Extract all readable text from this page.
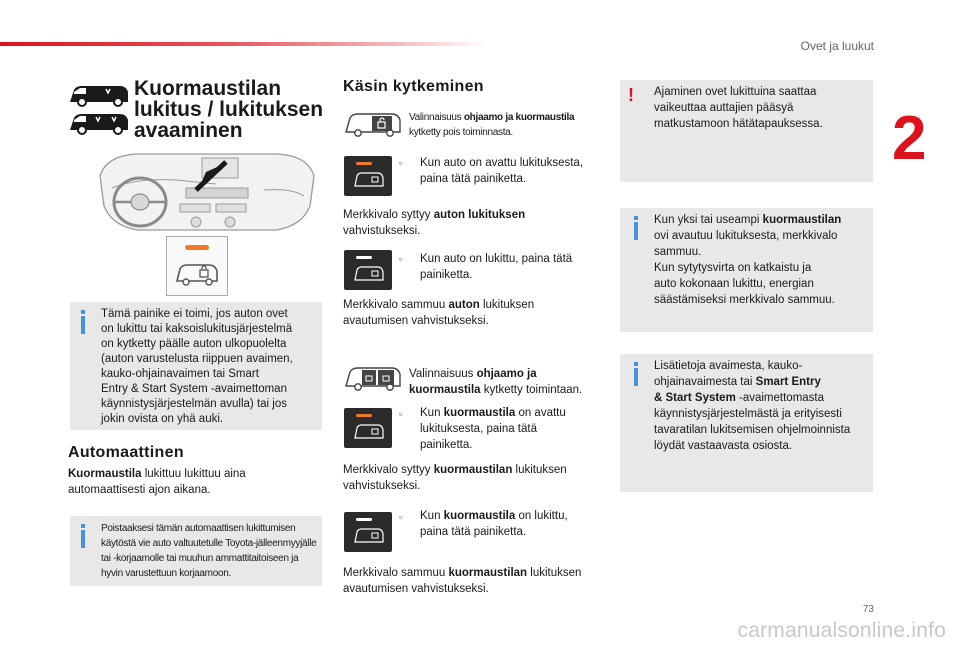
Ovet ja luukut
2
Kuormaustilan
lukitus / lukituksen
avaaminen
Tämä painike ei toimi, jos auton ovet
on lukittu tai kaksoislukitusjärjestelmä
on kytketty päälle auton ulkopuolelta
(auton varustelusta riippuen avaimen,
kauko-ohjainavaimen tai Smart
Entry & Start System -avaimettoman
käynnistysjärjestelmän avulla) tai jos
jokin ovista on yhä auki.
Automaattinen
Kuormaustila lukittuu lukittuu aina
automaattisesti ajon aikana.
Poistaaksesi tämän automaattisen lukittumisen
käytöstä vie auto valtuutetulle Toyota-jälleenmyyjälle
tai -korjaamolle tai muuhun ammattitaitoiseen ja
hyvin varustettuun korjaamoon.
Käsin kytkeminen
Valinnaisuus ohjaamo ja kuormaustila
kytketty pois toiminnasta.
▫ Kun auto on avattu lukituksesta,
paina tätä painiketta.
Merkkivalo syttyy auton lukituksen
vahvistukseksi.
▫ Kun auto on lukittu, paina tätä
painiketta.
Merkkivalo sammuu auton lukituksen
avautumisen vahvistukseksi.
Valinnaisuus ohjaamo ja
kuormaustila kytketty toimintaan.
▫ Kun kuormaustila on avattu
lukituksesta, paina tätä
painiketta.
Merkkivalo syttyy kuormaustilan lukituksen
vahvistukseksi.
▫ Kun kuormaustila on lukittu,
paina tätä painiketta.
Merkkivalo sammuu kuormaustilan lukituksen
avautumisen vahvistukseksi.
!	Ajaminen ovet lukittuina saattaa
vaikeuttaa auttajien pääsyä
matkustamoon hätätapauksessa.
Kun yksi tai useampi kuormaustilan
ovi avautuu lukituksesta, merkkivalo
sammuu.
Kun sytytysvirta on katkaistu ja
auto kokonaan lukittu, energian
säästämiseksi merkkivalo sammuu.
Lisätietoja avaimesta, kauko-
ohjainavaimesta tai Smart Entry
& Start System -avaimettomasta
käynnistysjärjestelmästä ja erityisesti
tavaratilan lukitsemisen ohjelmoinnista
löydät vastaavasta osiosta.
73
carmanualsonline.info
